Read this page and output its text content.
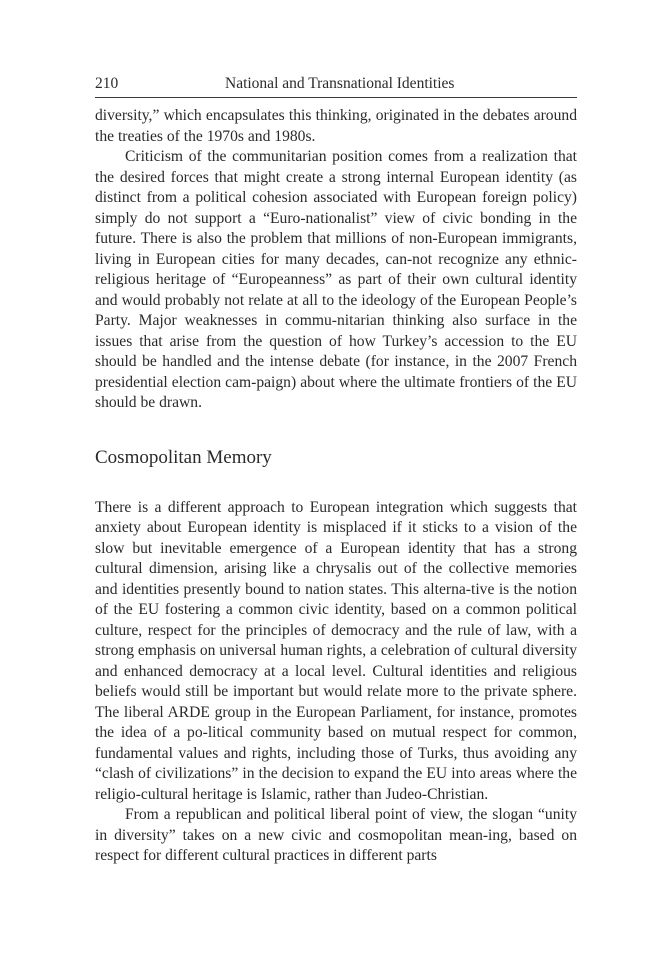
210	National and Transnational Identities

diversity,” which encapsulates this thinking, originated in the debates around the treaties of the 1970s and 1980s.

Criticism of the communitarian position comes from a realization that the desired forces that might create a strong internal European identity (as distinct from a political cohesion associated with European foreign policy) simply do not support a “Euro-nationalist” view of civic bonding in the future. There is also the problem that millions of non-European immigrants, living in European cities for many decades, can-not recognize any ethnic-religious heritage of “Europeanness” as part of their own cultural identity and would probably not relate at all to the ideology of the European People’s Party. Major weaknesses in commu-nitarian thinking also surface in the issues that arise from the question of how Turkey’s accession to the EU should be handled and the intense debate (for instance, in the 2007 French presidential election cam-paign) about where the ultimate frontiers of the EU should be drawn.

Cosmopolitan Memory

There is a different approach to European integration which suggests that anxiety about European identity is misplaced if it sticks to a vision of the slow but inevitable emergence of a European identity that has a strong cultural dimension, arising like a chrysalis out of the collective memories and identities presently bound to nation states. This alterna-tive is the notion of the EU fostering a common civic identity, based on a common political culture, respect for the principles of democracy and the rule of law, with a strong emphasis on universal human rights, a celebration of cultural diversity and enhanced democracy at a local level. Cultural identities and religious beliefs would still be important but would relate more to the private sphere. The liberal ARDE group in the European Parliament, for instance, promotes the idea of a po-litical community based on mutual respect for common, fundamental values and rights, including those of Turks, thus avoiding any “clash of civilizations” in the decision to expand the EU into areas where the religio-cultural heritage is Islamic, rather than Judeo-Christian.

From a republican and political liberal point of view, the slogan “unity in diversity” takes on a new civic and cosmopolitan mean-ing, based on respect for different cultural practices in different parts
